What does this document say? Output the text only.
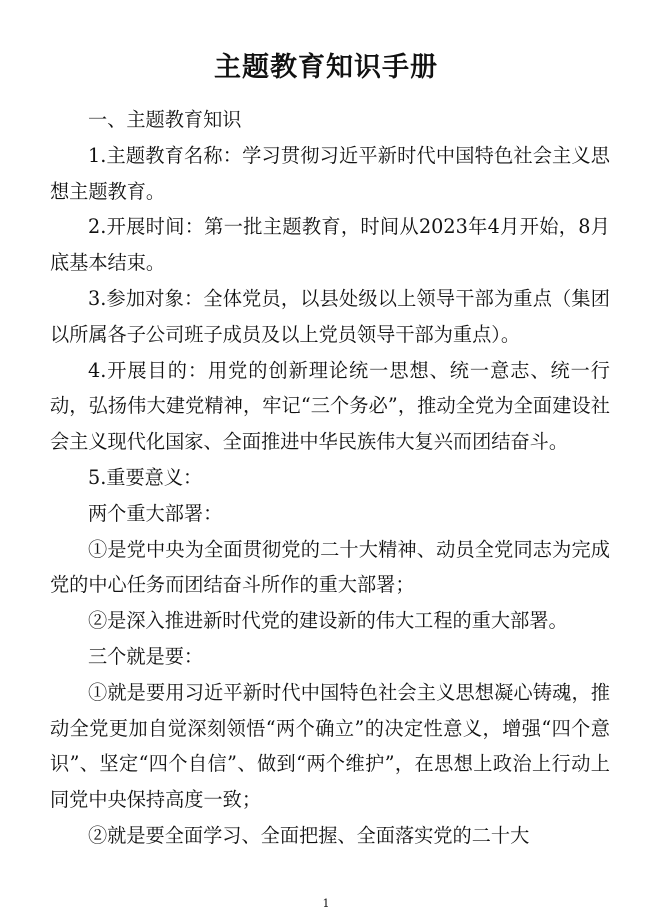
主题教育知识手册

一、主题教育知识

1.主题教育名称：学习贯彻习近平新时代中国特色社会主义思想主题教育。

2.开展时间：第一批主题教育，时间从2023年4月开始，8月底基本结束。

3.参加对象：全体党员，以县处级以上领导干部为重点（集团以所属各子公司班子成员及以上党员领导干部为重点）。

4.开展目的：用党的创新理论统一思想、统一意志、统一行动，弘扬伟大建党精神，牢记“三个务必”，推动全党为全面建设社会主义现代化国家、全面推进中华民族伟大复兴而团结奋斗。

5.重要意义：

两个重大部署：

①是党中央为全面贯彻党的二十大精神、动员全党同志为完成党的中心任务而团结奋斗所作的重大部署；

②是深入推进新时代党的建设新的伟大工程的重大部署。

三个就是要：

①就是要用习近平新时代中国特色社会主义思想凝心铸魂，推动全党更加自觉深刻领悟“两个确立”的决定性意义，增强“四个意识”、坚定“四个自信”、做到“两个维护”，在思想上政治上行动上同党中央保持高度一致；

②就是要全面学习、全面把握、全面落实党的二十大

1
